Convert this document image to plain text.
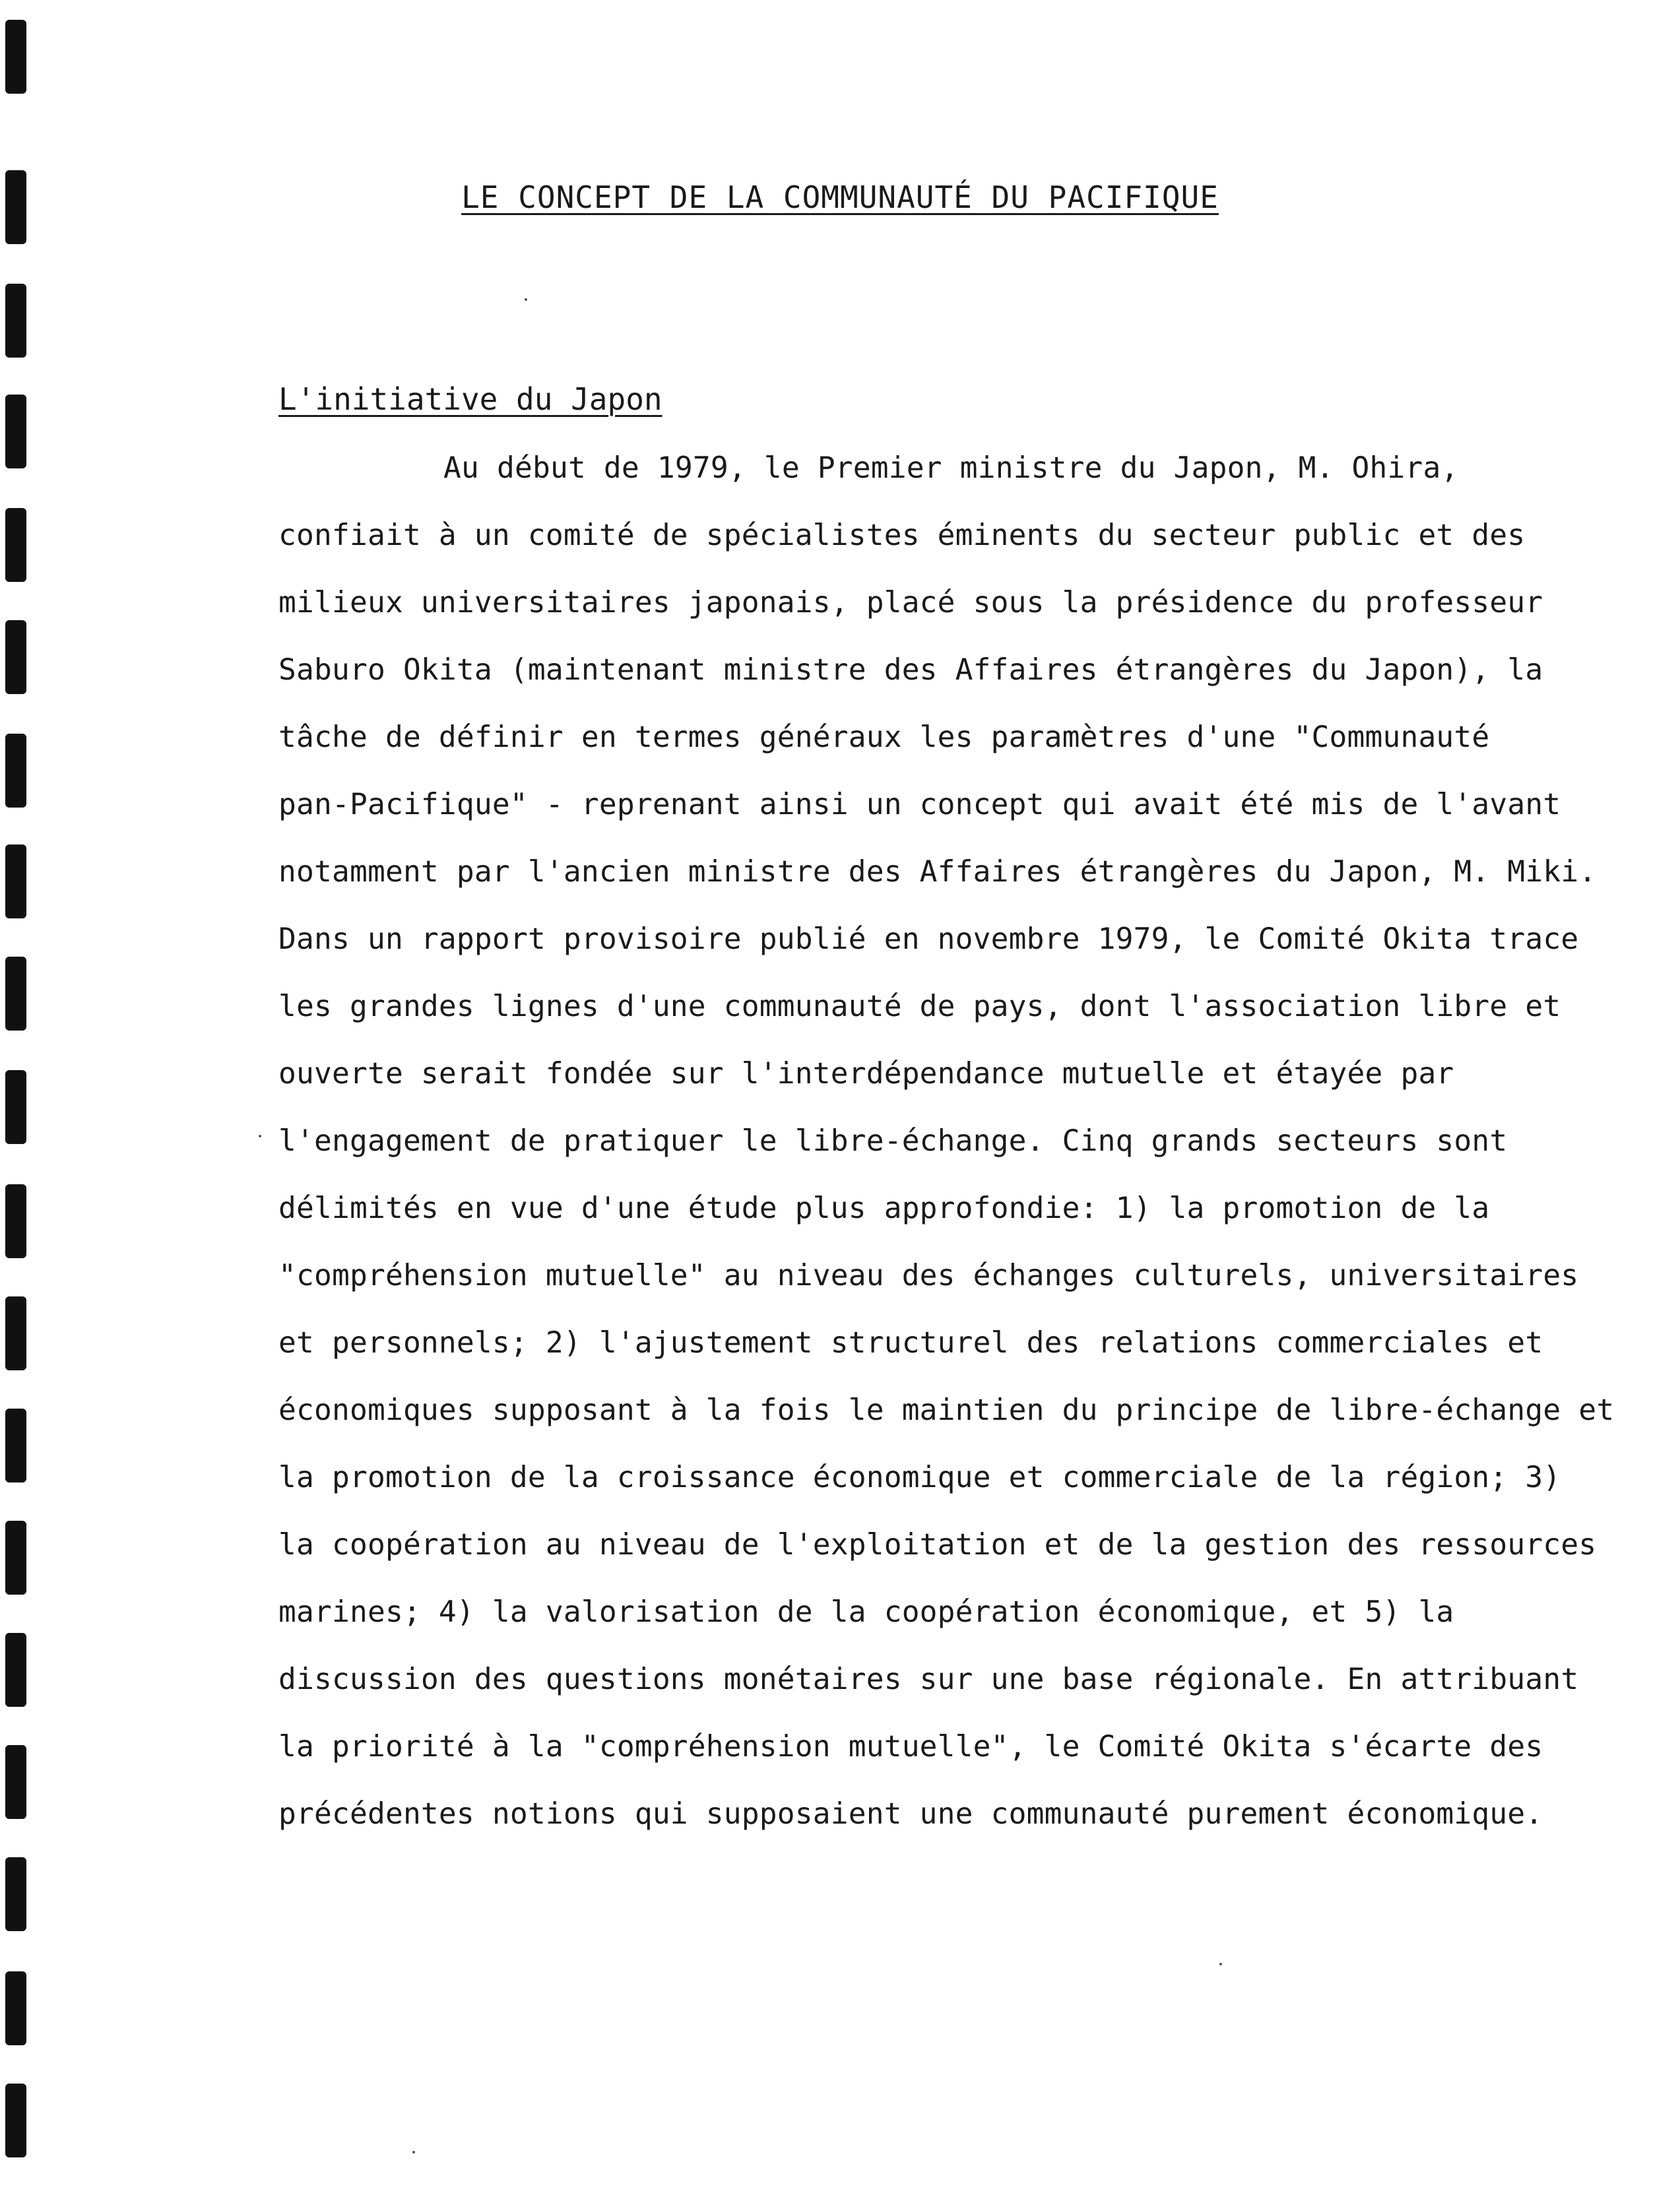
LE CONCEPT DE LA COMMUNAUTÉ DU PACIFIQUE
L'initiative du Japon
Au début de 1979, le Premier ministre du Japon, M. Ohira,
confiait à un comité de spécialistes éminents du secteur public et des
milieux universitaires japonais, placé sous la présidence du professeur
Saburo Okita (maintenant ministre des Affaires étrangères du Japon), la
tâche de définir en termes généraux les paramètres d'une "Communauté
pan-Pacifique" - reprenant ainsi un concept qui avait été mis de l'avant
notamment par l'ancien ministre des Affaires étrangères du Japon, M. Miki.
Dans un rapport provisoire publié en novembre 1979, le Comité Okita trace
les grandes lignes d'une communauté de pays, dont l'association libre et
ouverte serait fondée sur l'interdépendance mutuelle et étayée par
l'engagement de pratiquer le libre-échange. Cinq grands secteurs sont
délimités en vue d'une étude plus approfondie: 1) la promotion de la
"compréhension mutuelle" au niveau des échanges culturels, universitaires
et personnels; 2) l'ajustement structurel des relations commerciales et
économiques supposant à la fois le maintien du principe de libre-échange et
la promotion de la croissance économique et commerciale de la région; 3)
la coopération au niveau de l'exploitation et de la gestion des ressources
marines; 4) la valorisation de la coopération économique, et 5) la
discussion des questions monétaires sur une base régionale. En attribuant
la priorité à la "compréhension mutuelle", le Comité Okita s'écarte des
précédentes notions qui supposaient une communauté purement économique.
